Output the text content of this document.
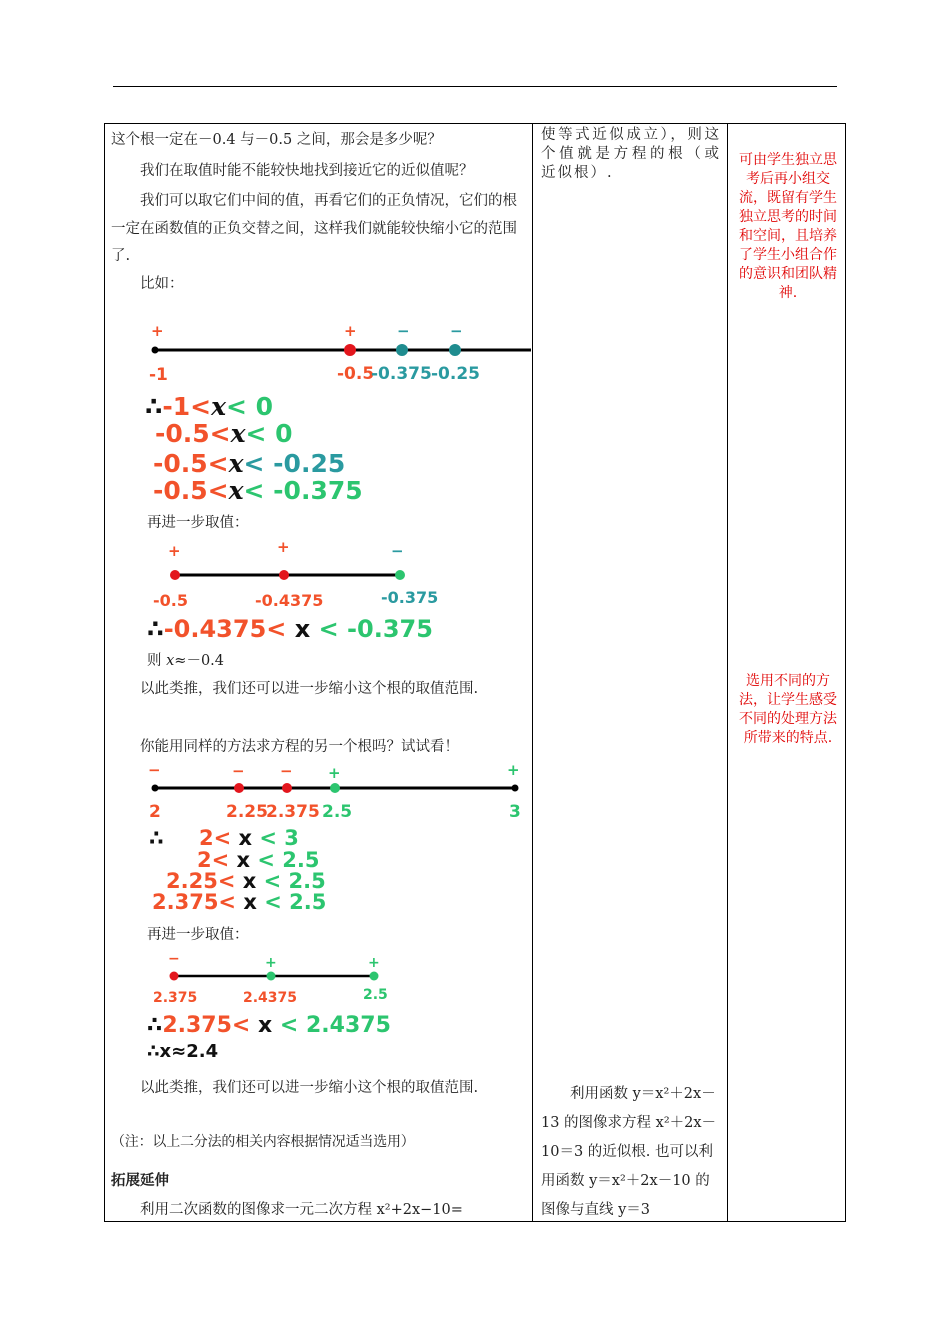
这个根一定在－0.4 与－0.5 之间，那会是多少呢？

我们在取值时能不能较快地找到接近它的近似值呢？

我们可以取它们中间的值，再看它们的正负情况，它们的根一定在函数值的正负交替之间，这样我们就能较快缩小它的范围了.

比如：

+	+	−	−
-1	-0.5
-0.375 -0.25
∴-1<x< 0
-0.5<x< 0
-0.5<x< -0.25
-0.5<x< -0.375

再进一步取值：

+	+	−
-0.5	-0.4375	-0.375
∴-0.4375< x < -0.375

则 x≈－0.4

以此类推，我们还可以进一步缩小这个根的取值范围.

你能用同样的方法求方程的另一个根吗？试试看！

−	− − +	+
2	2.25
2.375 2.5	3
∴ 2< x < 3
2< x < 2.5
2.25< x < 2.5
2.375< x < 2.5

再进一步取值：

−	+	+
2.375	2.4375	2.5
∴2.375< x < 2.4375
∴x≈2.4

以此类推，我们还可以进一步缩小这个根的取值范围.

（注：以上二分法的相关内容根据情况适当选用）

拓展延伸

利用二次函数的图像求一元二次方程 x²+2x−10=

使等式近似成立），则这个值就是方程的根（或近似根）.

利用函数 y＝x²＋2x－13 的图像求方程 x²＋2x－10＝3 的近似根. 也可以利用函数 y＝x²＋2x－10 的图像与直线 y＝3

可由学生独立思考后再小组交流，既留有学生独立思考的时间和空间，且培养了学生小组合作的意识和团队精神.

选用不同的方法，让学生感受不同的处理方法所带来的特点.
